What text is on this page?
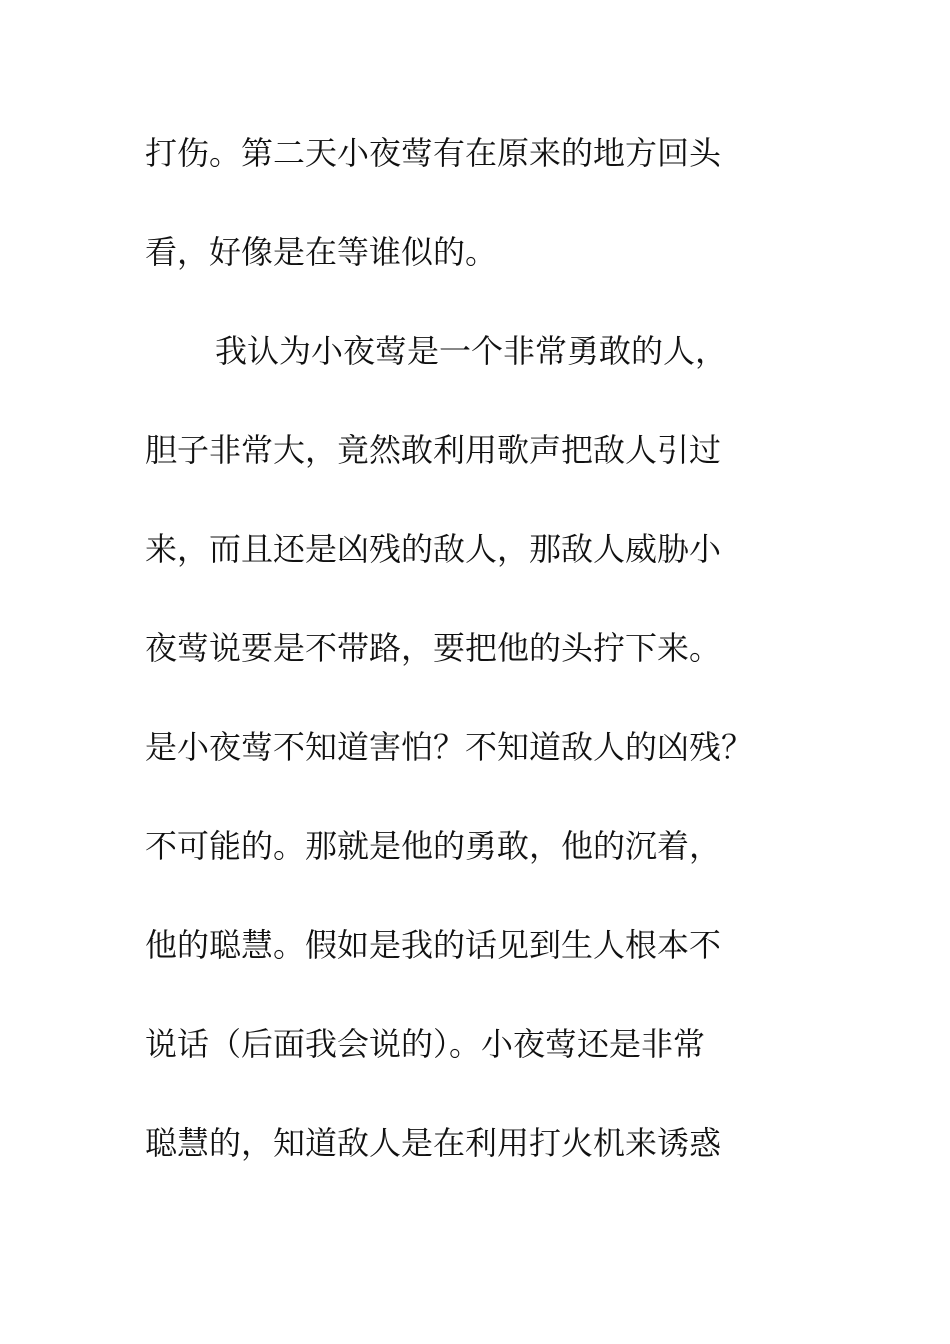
打伤。第二天小夜莺有在原来的地方回头
看，好像是在等谁似的。
我认为小夜莺是一个非常勇敢的人，
胆子非常大，竟然敢利用歌声把敌人引过
来，而且还是凶残的敌人，那敌人威胁小
夜莺说要是不带路，要把他的头拧下来。
是小夜莺不知道害怕？不知道敌人的凶残？
不可能的。那就是他的勇敢，他的沉着，
他的聪慧。假如是我的话见到生人根本不
说话（后面我会说的）。小夜莺还是非常
聪慧的，知道敌人是在利用打火机来诱惑
